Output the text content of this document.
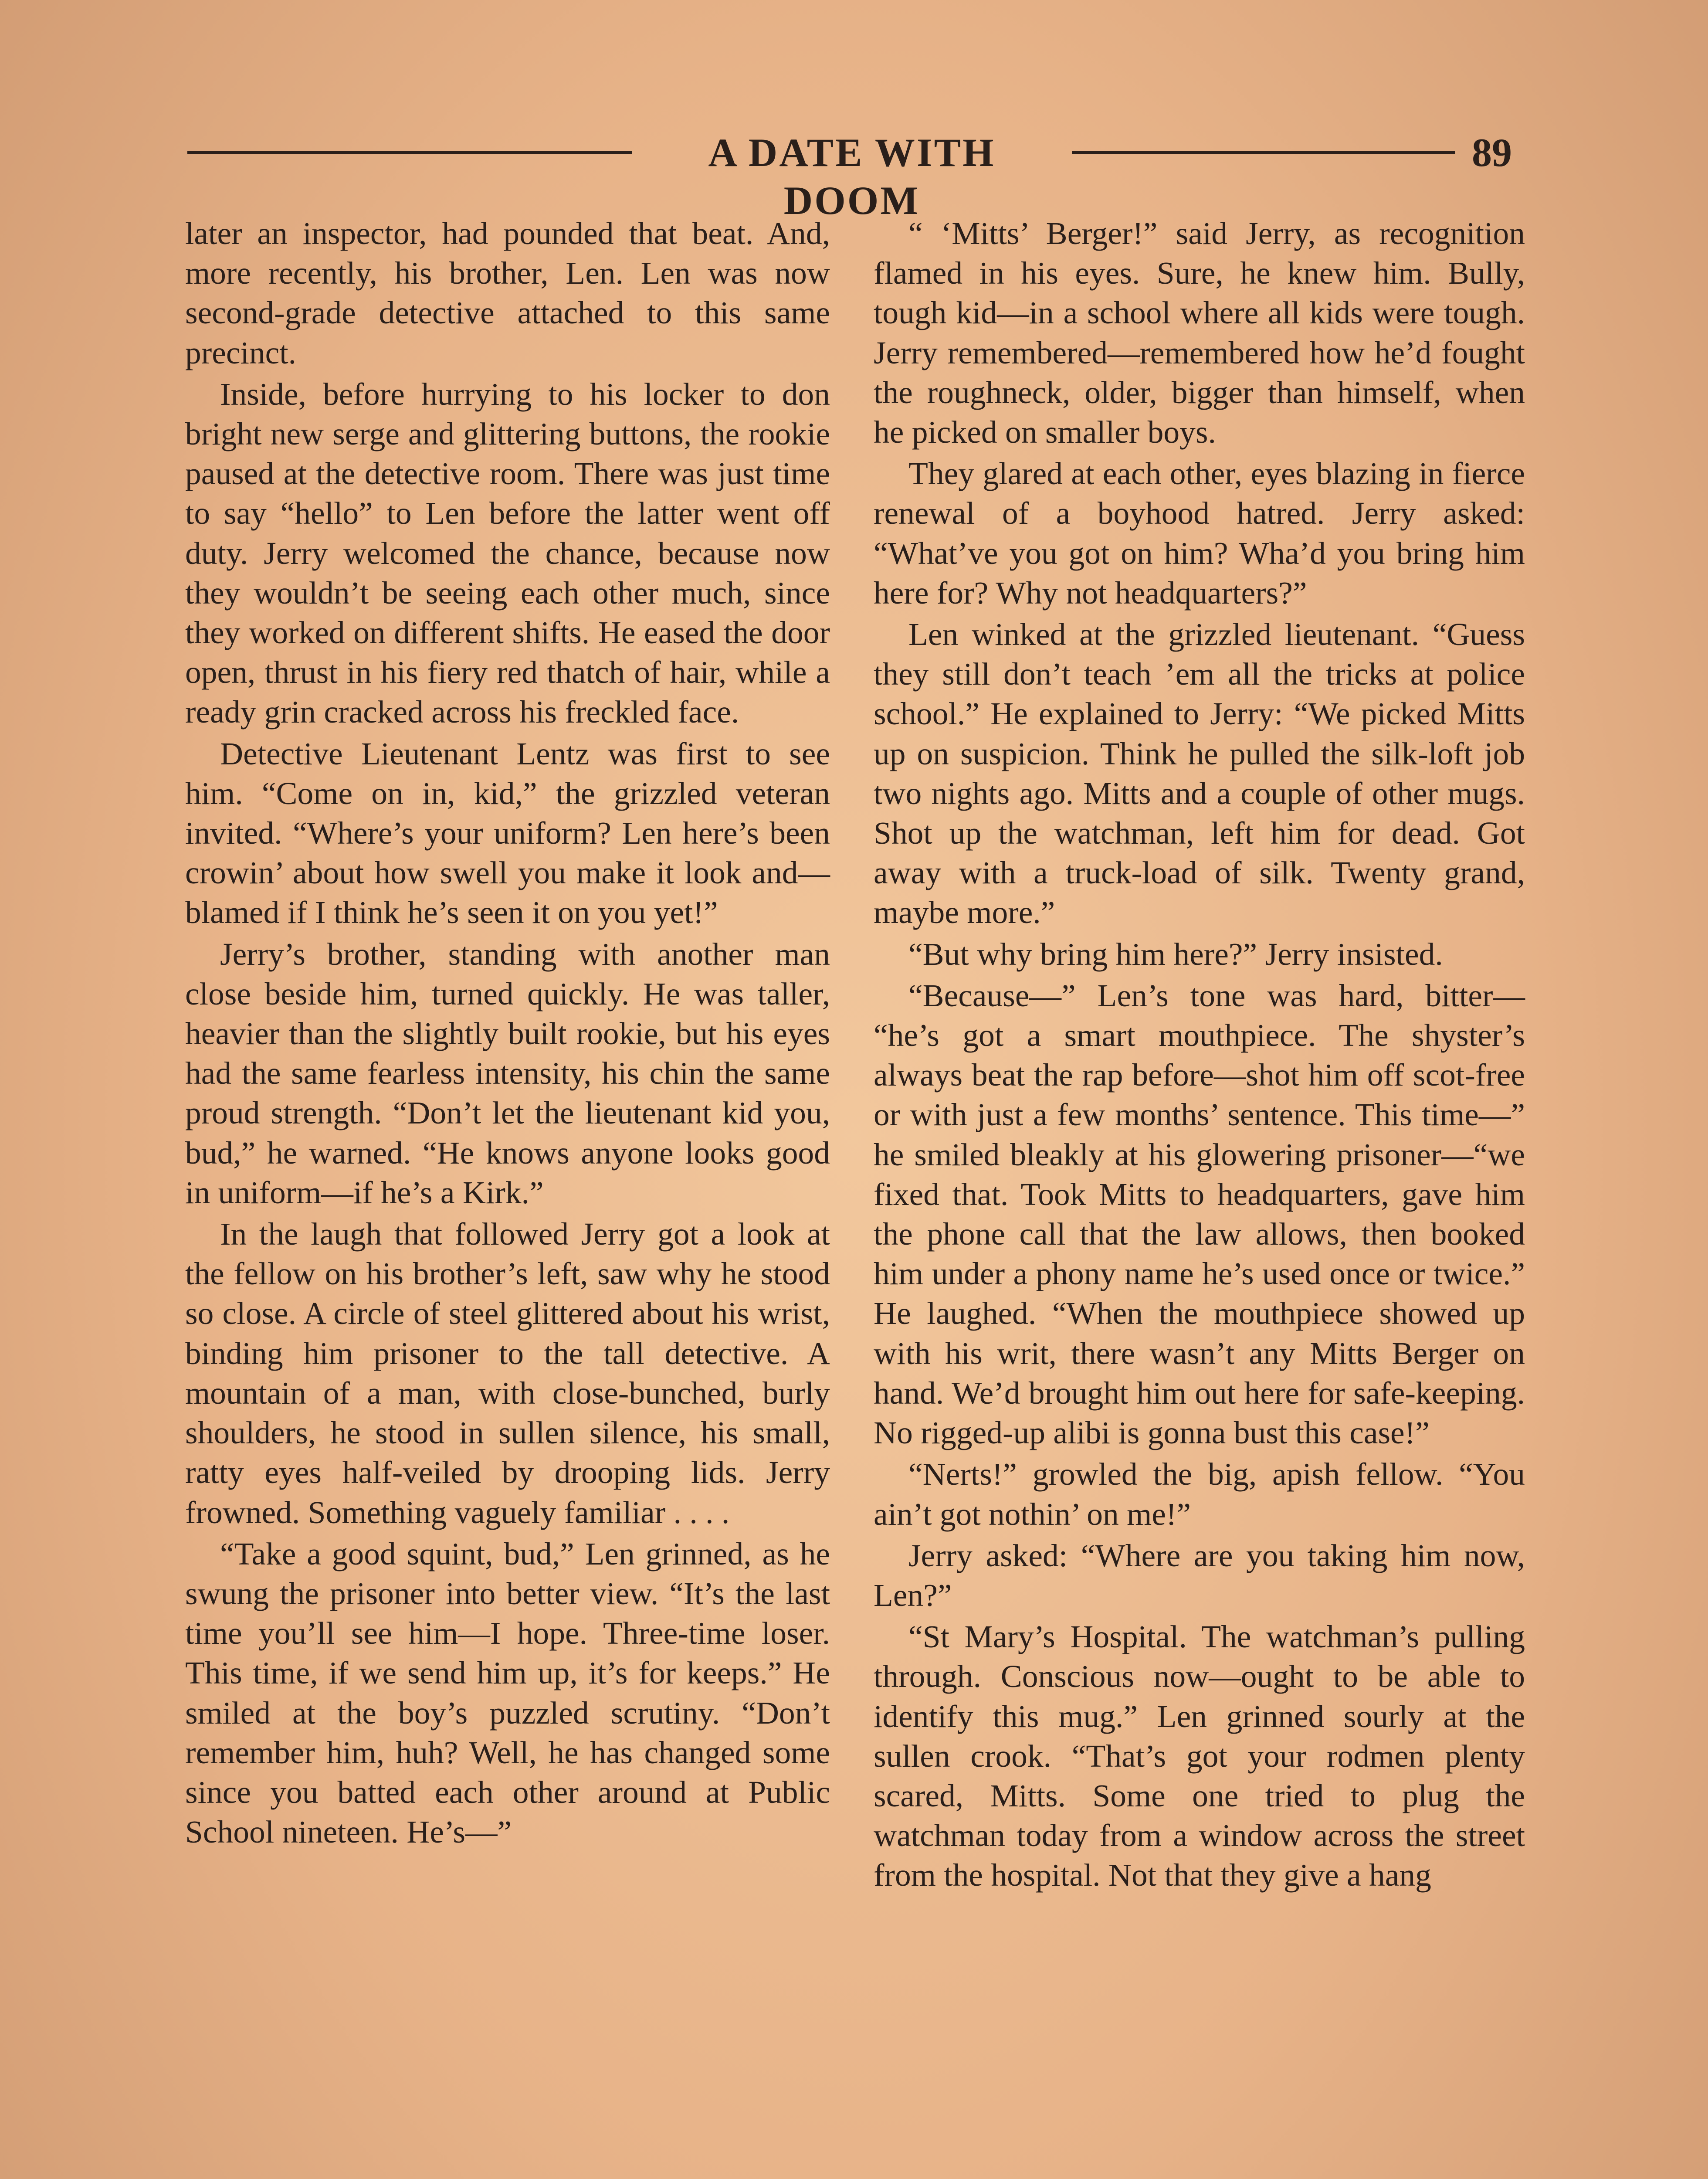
A DATE WITH DOOM
89

later an inspector, had pounded that beat. And, more recently, his brother, Len. Len was now second-grade detective attached to this same precinct.

Inside, before hurrying to his locker to don bright new serge and glittering buttons, the rookie paused at the detective room. There was just time to say “hello” to Len before the latter went off duty. Jerry welcomed the chance, because now they wouldn’t be seeing each other much, since they worked on different shifts. He eased the door open, thrust in his fiery red thatch of hair, while a ready grin cracked across his freckled face.

Detective Lieutenant Lentz was first to see him. “Come on in, kid,” the grizzled veteran invited. “Where’s your uniform? Len here’s been crowin’ about how swell you make it look and—blamed if I think he’s seen it on you yet!”

Jerry’s brother, standing with another man close beside him, turned quickly. He was taller, heavier than the slightly built rookie, but his eyes had the same fearless intensity, his chin the same proud strength. “Don’t let the lieutenant kid you, bud,” he warned. “He knows anyone looks good in uniform—if he’s a Kirk.”

In the laugh that followed Jerry got a look at the fellow on his brother’s left, saw why he stood so close. A circle of steel glittered about his wrist, binding him prisoner to the tall detective. A mountain of a man, with close-bunched, burly shoulders, he stood in sullen silence, his small, ratty eyes half-veiled by drooping lids. Jerry frowned. Something vaguely familiar . . . .

“Take a good squint, bud,” Len grinned, as he swung the prisoner into better view. “It’s the last time you’ll see him—I hope. Three-time loser. This time, if we send him up, it’s for keeps.” He smiled at the boy’s puzzled scrutiny. “Don’t remember him, huh? Well, he has changed some since you batted each other around at Public School nineteen. He’s—”

“ ‘Mitts’ Berger!” said Jerry, as recognition flamed in his eyes. Sure, he knew him. Bully, tough kid—in a school where all kids were tough. Jerry remembered—remembered how he’d fought the roughneck, older, bigger than himself, when he picked on smaller boys.

They glared at each other, eyes blazing in fierce renewal of a boyhood hatred. Jerry asked: “What’ve you got on him? Wha’d you bring him here for? Why not headquarters?”

Len winked at the grizzled lieutenant. “Guess they still don’t teach ’em all the tricks at police school.” He explained to Jerry: “We picked Mitts up on suspicion. Think he pulled the silk-loft job two nights ago. Mitts and a couple of other mugs. Shot up the watchman, left him for dead. Got away with a truck-load of silk. Twenty grand, maybe more.”

“But why bring him here?” Jerry insisted.

“Because—” Len’s tone was hard, bitter— “he’s got a smart mouthpiece. The shyster’s always beat the rap before—shot him off scot-free or with just a few months’ sentence. This time—” he smiled bleakly at his glowering prisoner—“we fixed that. Took Mitts to headquarters, gave him the phone call that the law allows, then booked him under a phony name he’s used once or twice.” He laughed. “When the mouthpiece showed up with his writ, there wasn’t any Mitts Berger on hand. We’d brought him out here for safe-keeping. No rigged-up alibi is gonna bust this case!”

“Nerts!” growled the big, apish fellow. “You ain’t got nothin’ on me!”

Jerry asked: “Where are you taking him now, Len?”

“St Mary’s Hospital. The watchman’s pulling through. Conscious now—ought to be able to identify this mug.” Len grinned sourly at the sullen crook. “That’s got your rodmen plenty scared, Mitts. Some one tried to plug the watchman today from a window across the street from the hospital. Not that they give a hang
